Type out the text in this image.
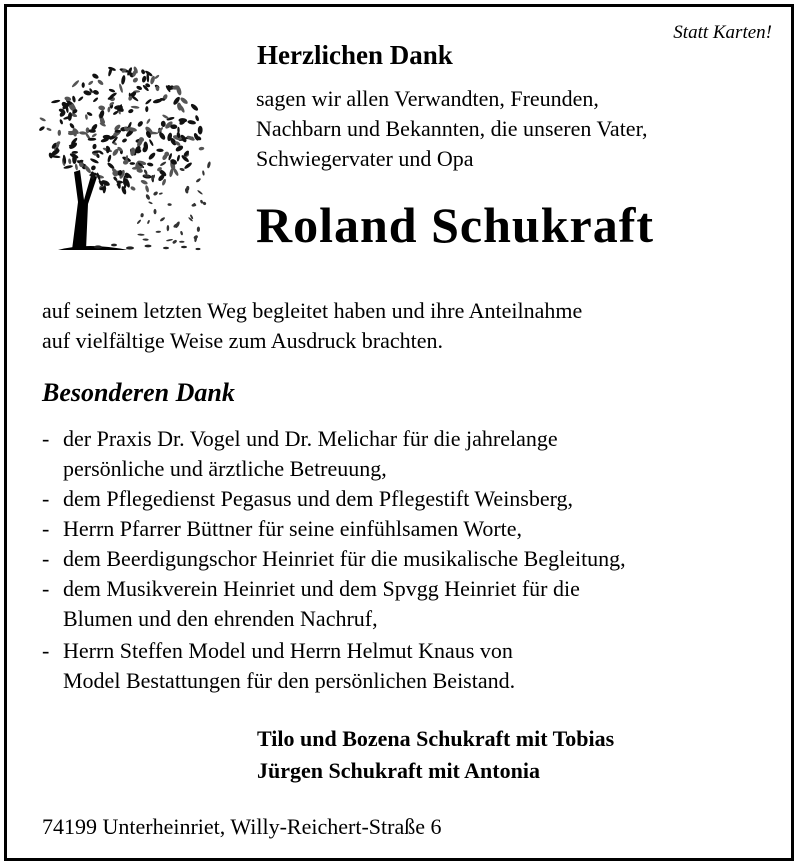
Statt Karten!
Herzlichen Dank
sagen wir allen Verwandten, Freunden,
Nachbarn und Bekannten, die unseren Vater,
Schwiegervater und Opa
Roland Schukraft
auf seinem letzten Weg begleitet haben und ihre Anteilnahme
auf vielfältige Weise zum Ausdruck brachten.
Besonderen Dank
- der Praxis Dr. Vogel und Dr. Melichar für die jahrelange
persönliche und ärztliche Betreuung,
- dem Pflegedienst Pegasus und dem Pflegestift Weinsberg,
- Herrn Pfarrer Büttner für seine einfühlsamen Worte,
- dem Beerdigungschor Heinriet für die musikalische Begleitung,
- dem Musikverein Heinriet und dem Spvgg Heinriet für die
Blumen und den ehrenden Nachruf,
- Herrn Steffen Model und Herrn Helmut Knaus von
Model Bestattungen für den persönlichen Beistand.
Tilo und Bozena Schukraft mit Tobias
Jürgen Schukraft mit Antonia
74199 Unterheinriet, Willy-Reichert-Straße 6
